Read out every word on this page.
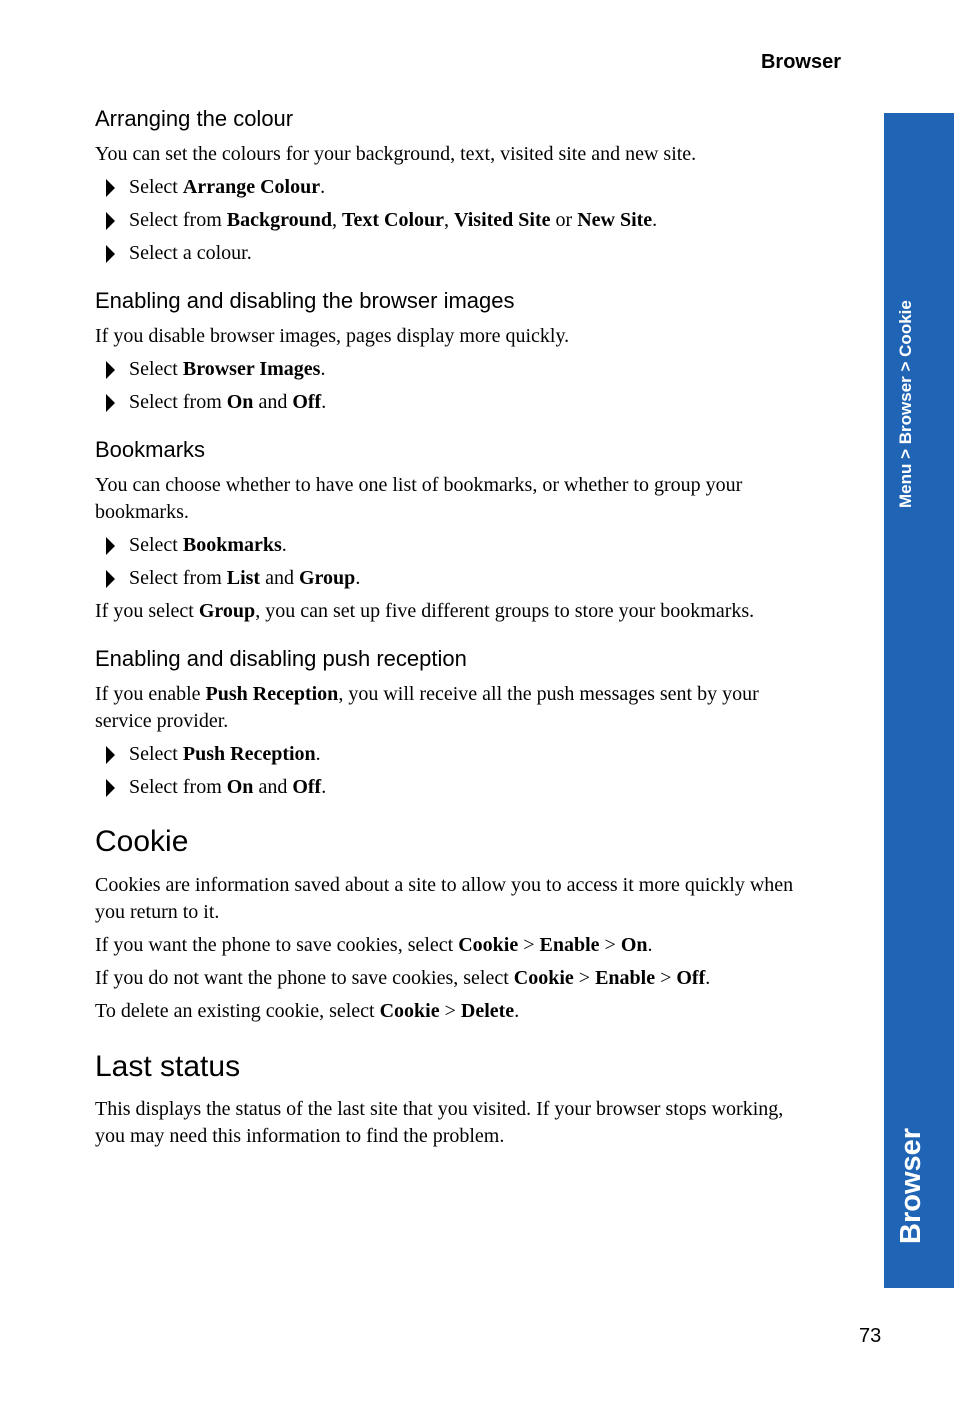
Browser
Menu > Browser > Cookie
Browser
Arranging the colour
You can set the colours for your background, text, visited site and new site.
Select Arrange Colour.
Select from Background, Text Colour, Visited Site or New Site.
Select a colour.
Enabling and disabling the browser images
If you disable browser images, pages display more quickly.
Select Browser Images.
Select from On and Off.
Bookmarks
You can choose whether to have one list of bookmarks, or whether to group your
bookmarks.
Select Bookmarks.
Select from List and Group.
If you select Group, you can set up five different groups to store your bookmarks.
Enabling and disabling push reception
If you enable Push Reception, you will receive all the push messages sent by your
service provider.
Select Push Reception.
Select from On and Off.
Cookie
Cookies are information saved about a site to allow you to access it more quickly when
you return to it.
If you want the phone to save cookies, select Cookie > Enable > On.
If you do not want the phone to save cookies, select Cookie > Enable > Off.
To delete an existing cookie, select Cookie > Delete.
Last status
This displays the status of the last site that you visited. If your browser stops working,
you may need this information to find the problem.
73
